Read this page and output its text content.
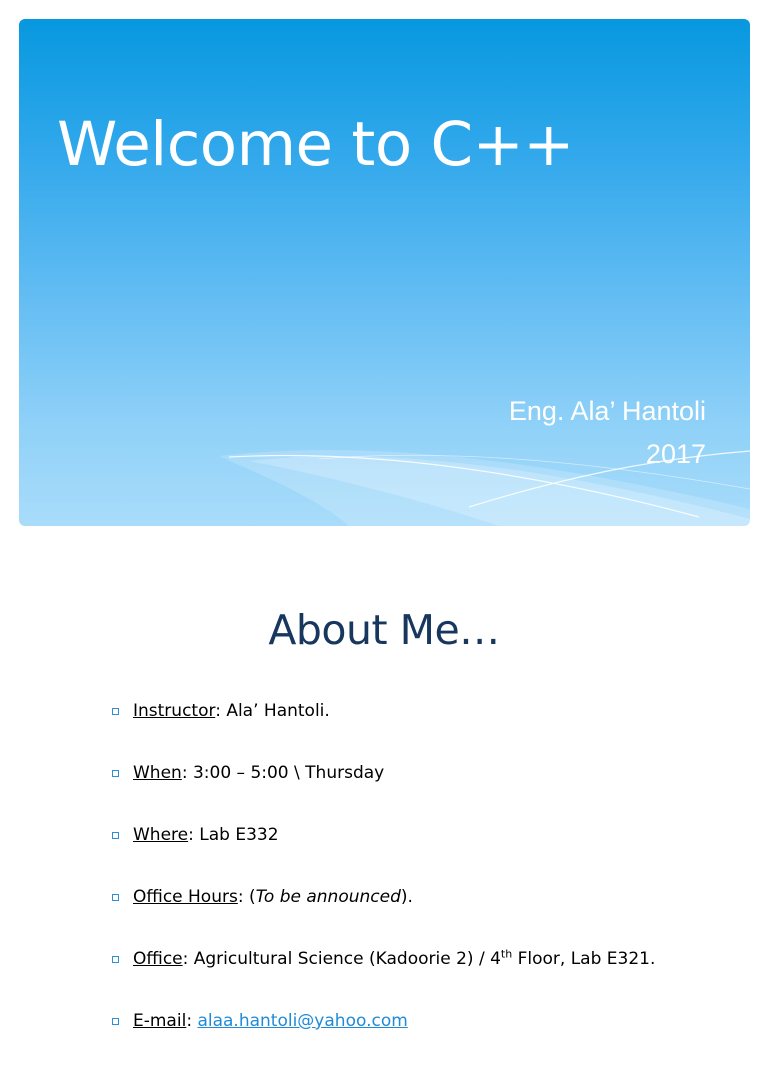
Welcome to C++

Eng. Ala’ Hantoli

2017

About Me…
Instructor: Ala’ Hantoli.
When: 3:00 – 5:00 \ Thursday
Where: Lab E332
Office Hours: (To be announced).
Office: Agricultural Science (Kadoorie 2) / 4th Floor, Lab E321.
E-mail: alaa.hantoli@yahoo.com
